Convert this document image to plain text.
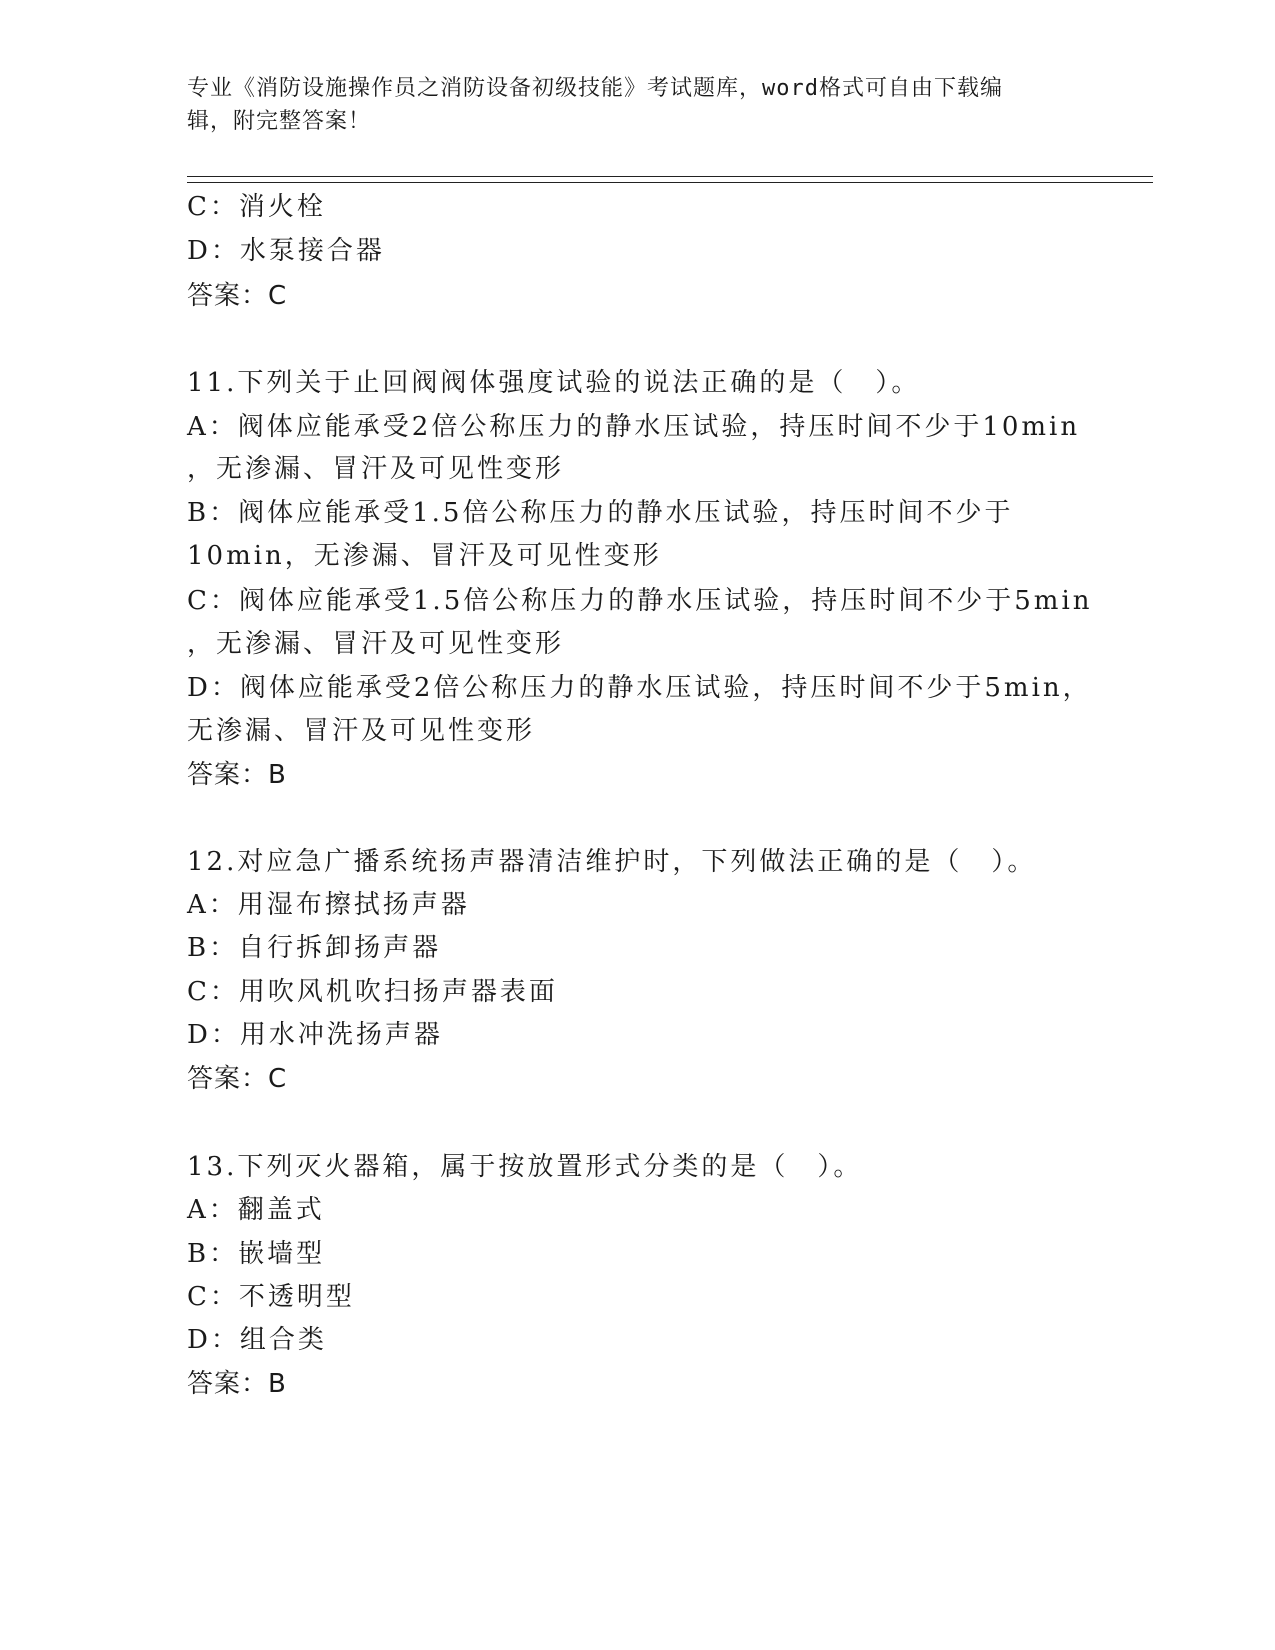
专业《消防设施操作员之消防设备初级技能》考试题库，word格式可自由下载编
辑，附完整答案！
C：消火栓
D：水泵接合器
答案：C
11.下列关于止回阀阀体强度试验的说法正确的是（　）。
A：阀体应能承受2倍公称压力的静水压试验，持压时间不少于10min
，无渗漏、冒汗及可见性变形
B：阀体应能承受1.5倍公称压力的静水压试验，持压时间不少于
10min，无渗漏、冒汗及可见性变形
C：阀体应能承受1.5倍公称压力的静水压试验，持压时间不少于5min
，无渗漏、冒汗及可见性变形
D：阀体应能承受2倍公称压力的静水压试验，持压时间不少于5min，
无渗漏、冒汗及可见性变形
答案：B
12.对应急广播系统扬声器清洁维护时，下列做法正确的是（　）。
A：用湿布擦拭扬声器
B：自行拆卸扬声器
C：用吹风机吹扫扬声器表面
D：用水冲洗扬声器
答案：C
13.下列灭火器箱，属于按放置形式分类的是（　）。
A：翻盖式
B：嵌墙型
C：不透明型
D：组合类
答案：B
